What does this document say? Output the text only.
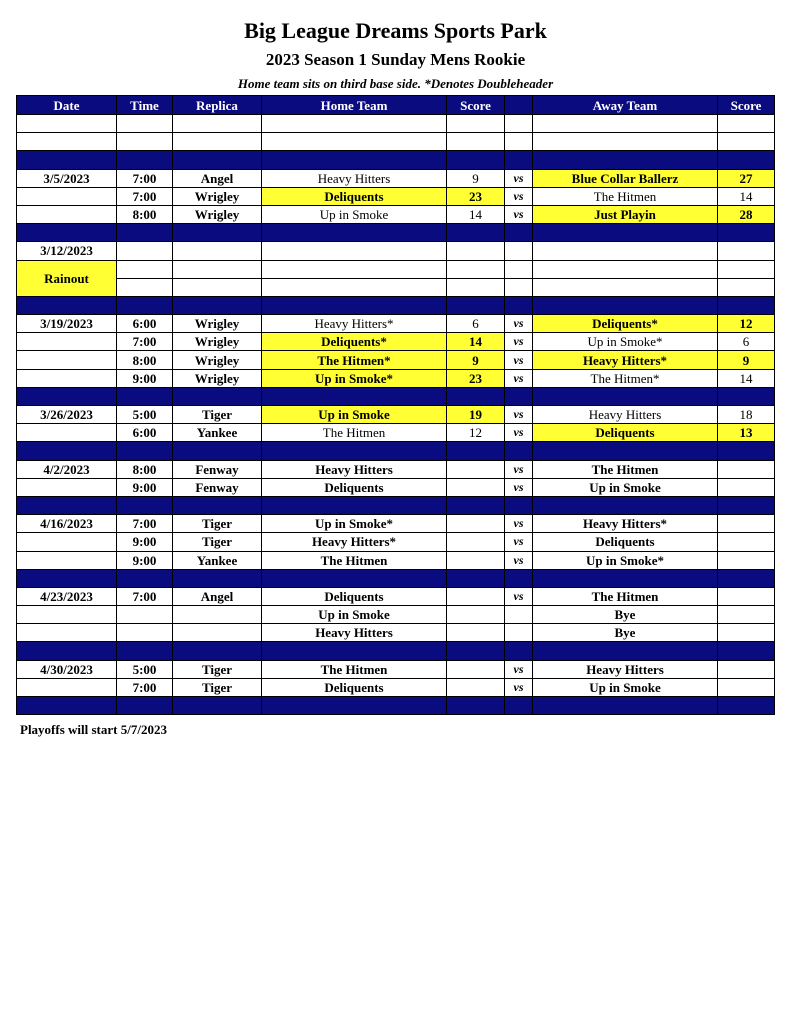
Big League Dreams Sports Park
2023 Season 1 Sunday Mens Rookie
Home team sits on third base side. *Denotes Doubleheader
Date	Time	Replica	Home Team	Score		Away Team	Score

3/5/2023	7:00	Angel	Heavy Hitters	9	vs	Blue Collar Ballerz	27
	7:00	Wrigley	Deliquents	23	vs	The Hitmen	14
	8:00	Wrigley	Up in Smoke	14	vs	Just Playin	28

3/12/2023							
Rainout							

3/19/2023	6:00	Wrigley	Heavy Hitters*	6	vs	Deliquents*	12
	7:00	Wrigley	Deliquents*	14	vs	Up in Smoke*	6
	8:00	Wrigley	The Hitmen*	9	vs	Heavy Hitters*	9
	9:00	Wrigley	Up in Smoke*	23	vs	The Hitmen*	14

3/26/2023	5:00	Tiger	Up in Smoke	19	vs	Heavy Hitters	18
	6:00	Yankee	The Hitmen	12	vs	Deliquents	13

4/2/2023	8:00	Fenway	Heavy Hitters		vs	The Hitmen	
	9:00	Fenway	Deliquents		vs	Up in Smoke	

4/16/2023	7:00	Tiger	Up in Smoke*		vs	Heavy Hitters*	
	9:00	Tiger	Heavy Hitters*		vs	Deliquents	
	9:00	Yankee	The Hitmen		vs	Up in Smoke*	

4/23/2023	7:00	Angel	Deliquents		vs	The Hitmen	
			Up in Smoke			Bye	
			Heavy Hitters			Bye	

4/30/2023	5:00	Tiger	The Hitmen		vs	Heavy Hitters	
	7:00	Tiger	Deliquents		vs	Up in Smoke	

Playoffs will start 5/7/2023
